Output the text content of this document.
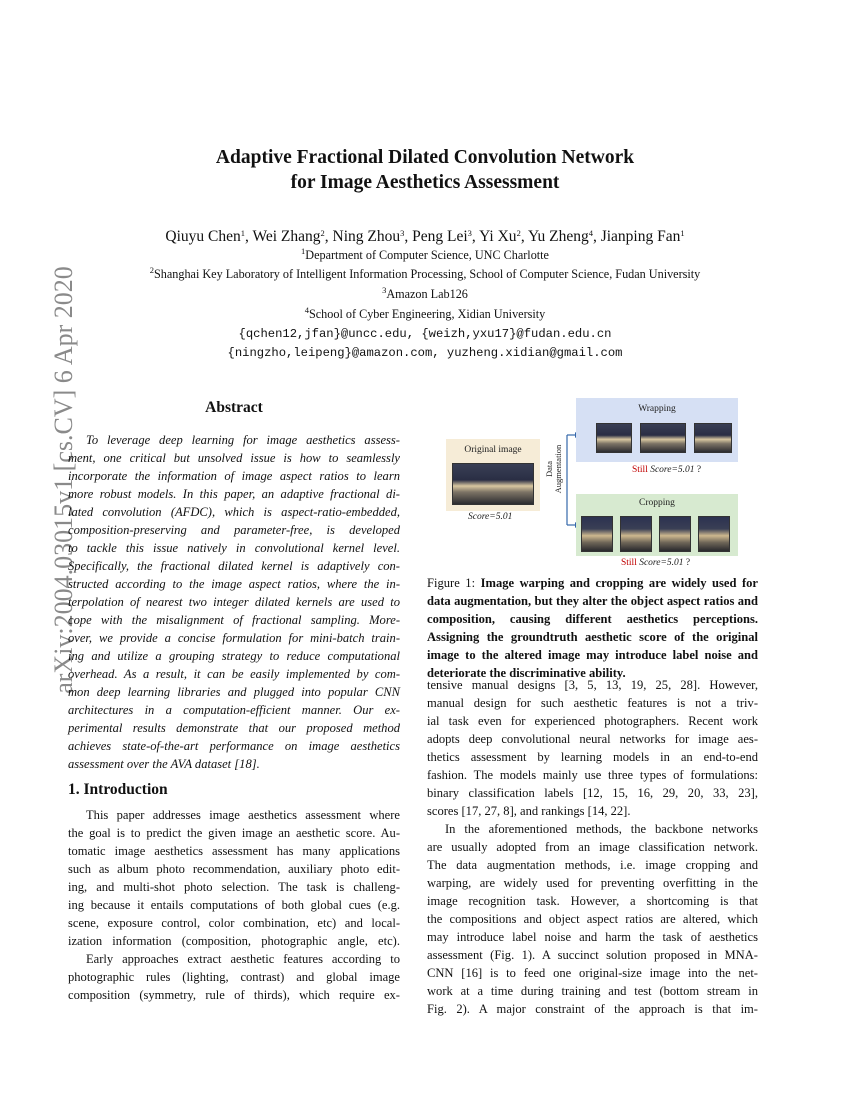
arXiv:2004.03015v1 [cs.CV] 6 Apr 2020
Adaptive Fractional Dilated Convolution Network
for Image Aesthetics Assessment
Qiuyu Chen$^1$, Wei Zhang$^2$, Ning Zhou$^3$, Peng Lei$^3$, Yi Xu$^2$, Yu Zheng$^4$, Jianping Fan$^1$
$^1$Department of Computer Science, UNC Charlotte
$^2$Shanghai Key Laboratory of Intelligent Information Processing, School of Computer Science, Fudan University
$^3$Amazon Lab126
$^4$School of Cyber Engineering, Xidian University
{qchen12,jfan}@uncc.edu, {weizh,yxu17}@fudan.edu.cn
{ningzho,leipeng}@amazon.com, yuzheng.xidian@gmail.com
Abstract
To leverage deep learning for image aesthetics assess-
ment, one critical but unsolved issue is how to seamlessly
incorporate the information of image aspect ratios to learn
more robust models. In this paper, an adaptive fractional di-
lated convolution (AFDC), which is aspect-ratio-embedded,
composition-preserving and parameter-free, is developed
to tackle this issue natively in convolutional kernel level.
Specifically, the fractional dilated kernel is adaptively con-
structed according to the image aspect ratios, where the in-
terpolation of nearest two integer dilated kernels are used to
cope with the misalignment of fractional sampling. More-
over, we provide a concise formulation for mini-batch train-
ing and utilize a grouping strategy to reduce computational
overhead. As a result, it can be easily implemented by com-
mon deep learning libraries and plugged into popular CNN
architectures in a computation-efficient manner. Our ex-
perimental results demonstrate that our proposed method
achieves state-of-the-art performance on image aesthetics
assessment over the AVA dataset [18].
1. Introduction
This paper addresses image aesthetics assessment where
the goal is to predict the given image an aesthetic score. Au-
tomatic image aesthetics assessment has many applications
such as album photo recommendation, auxiliary photo edit-
ing, and multi-shot photo selection. The task is challeng-
ing because it entails computations of both global cues (e.g.
scene, exposure control, color combination, etc) and local-
ization information (composition, photographic angle, etc).
Early approaches extract aesthetic features according to
photographic rules (lighting, contrast) and global image
composition (symmetry, rule of thirds), which require ex-
Original image
Score=5.01
Data Augmentation
Wrapping
Still Score=5.01 ?
Cropping
Still Score=5.01 ?

Figure 1: Image warping and cropping are widely used for data augmentation, but they alter the object aspect ratios and composition, causing different aesthetics perceptions. Assigning the groundtruth aesthetic score of the original image to the altered image may introduce label noise and deteriorate the discriminative ability.

tensive manual designs [3, 5, 13, 19, 25, 28]. However,
manual design for such aesthetic features is not a triv-
ial task even for experienced photographers. Recent work
adopts deep convolutional neural networks for image aes-
thetics assessment by learning models in an end-to-end
fashion. The models mainly use three types of formulations:
binary classification labels [12, 15, 16, 29, 20, 33, 23],
scores [17, 27, 8], and rankings [14, 22].
In the aforementioned methods, the backbone networks
are usually adopted from an image classification network.
The data augmentation methods, i.e. image cropping and
warping, are widely used for preventing overfitting in the
image recognition task. However, a shortcoming is that
the compositions and object aspect ratios are altered, which
may introduce label noise and harm the task of aesthetics
assessment (Fig. 1). A succinct solution proposed in MNA-
CNN [16] is to feed one original-size image into the net-
work at a time during training and test (bottom stream in
Fig. 2). A major constraint of the approach is that im-
